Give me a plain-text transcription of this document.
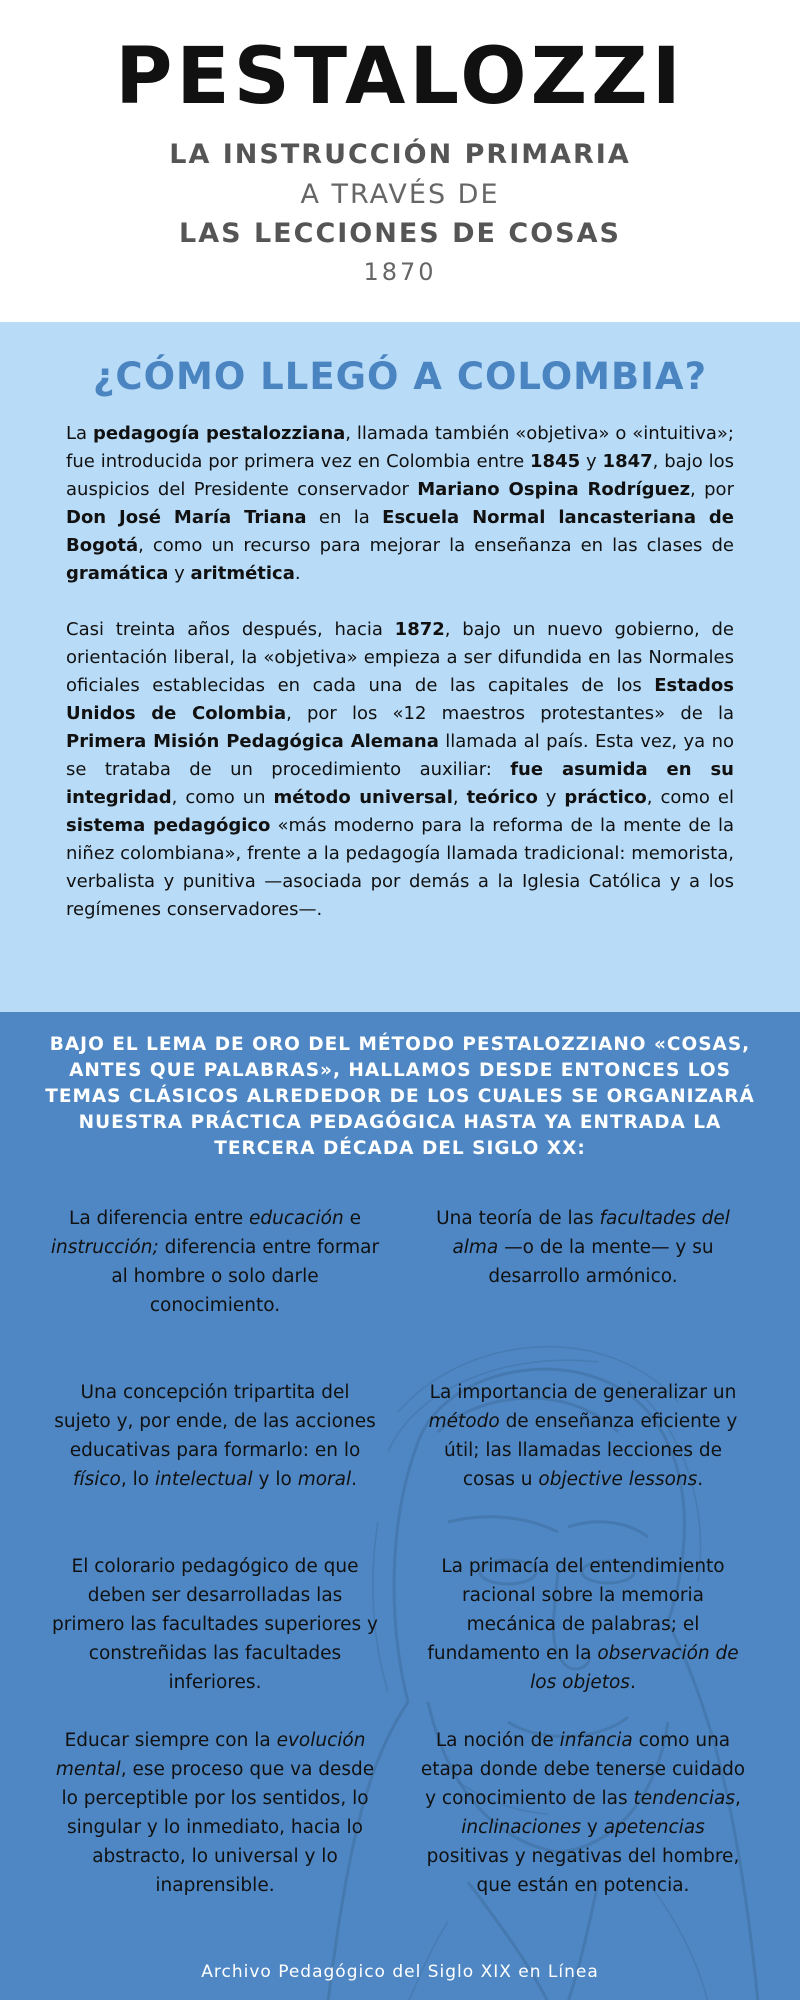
PESTALOZZI
LA INSTRUCCIÓN PRIMARIA
A TRAVÉS DE
LAS LECCIONES DE COSAS
1870
¿CÓMO LLEGÓ A COLOMBIA?

La pedagogía pestalozziana, llamada también «objetiva» o «intuitiva»; fue introducida por primera vez en Colombia entre 1845 y 1847, bajo los auspicios del Presidente conservador Mariano Ospina Rodríguez, por Don José María Triana en la Escuela Normal lancasteriana de Bogotá, como un recurso para mejorar la enseñanza en las clases de gramática y aritmética.

Casi treinta años después, hacia 1872, bajo un nuevo gobierno, de orientación liberal, la «objetiva» empieza a ser difundida en las Normales oficiales establecidas en cada una de las capitales de los Estados Unidos de Colombia, por los «12 maestros protestantes» de la Primera Misión Pedagógica Alemana llamada al país. Esta vez, ya no se trataba de un procedimiento auxiliar: fue asumida en su integridad, como un método universal, teórico y práctico, como el sistema pedagógico «más moderno para la reforma de la mente de la niñez colombiana», frente a la pedagogía llamada tradicional: memorista, verbalista y punitiva —asociada por demás a la Iglesia Católica y a los regímenes conservadores—.

BAJO EL LEMA DE ORO DEL MÉTODO PESTALOZZIANO «COSAS, ANTES QUE PALABRAS», HALLAMOS DESDE ENTONCES LOS TEMAS CLÁSICOS ALREDEDOR DE LOS CUALES SE ORGANIZARÁ NUESTRA PRÁCTICA PEDAGÓGICA HASTA YA ENTRADA LA TERCERA DÉCADA DEL SIGLO XX:
La diferencia entre educación e instrucción; diferencia entre formar al hombre o solo darle conocimiento.
Una teoría de las facultades del alma —o de la mente— y su desarrollo armónico.
Una concepción tripartita del sujeto y, por ende, de las acciones educativas para formarlo: en lo físico, lo intelectual y lo moral.
La importancia de generalizar un método de enseñanza eficiente y útil; las llamadas lecciones de cosas u objective lessons.
El colorario pedagógico de que deben ser desarrolladas las primero las facultades superiores y constreñidas las facultades inferiores.
La primacía del entendimiento racional sobre la memoria mecánica de palabras; el fundamento en la observación de los objetos.
Educar siempre con la evolución mental, ese proceso que va desde lo perceptible por los sentidos, lo singular y lo inmediato, hacia lo abstracto, lo universal y lo inaprensible.
La noción de infancia como una etapa donde debe tenerse cuidado y conocimiento de las tendencias, inclinaciones y apetencias positivas y negativas del hombre, que están en potencia.
Archivo Pedagógico del Siglo XIX en Línea
